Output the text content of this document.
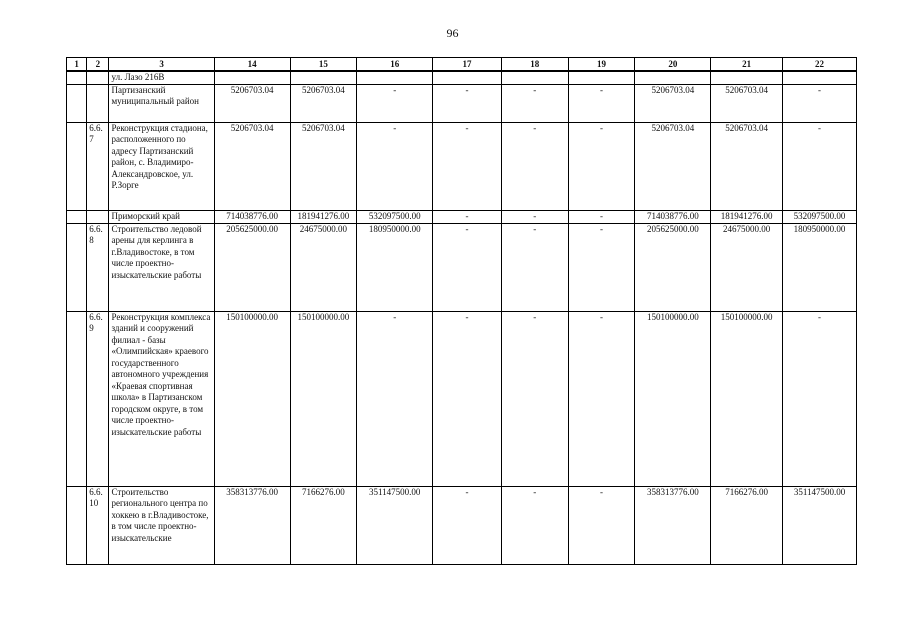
96
1	2	3	14	15	16	17	18	19	20	21	22
		ул. Лазо 216В									
		Партизанский муниципальный район	5206703.04	5206703.04	-	-	-	-	5206703.04	5206703.04	-
	6.6.7	Реконструкция стадиона, расположенного по адресу Партизанский район, с. Владимиро-Александровское, ул. Р.Зорге	5206703.04	5206703.04	-	-	-	-	5206703.04	5206703.04	-
		Приморский край	714038776.00	181941276.00	532097500.00	-	-	-	714038776.00	181941276.00	532097500.00
	6.6.8	Строительство ледовой арены для керлинга в г.Владивостоке, в том числе проектно-изыскательские работы	205625000.00	24675000.00	180950000.00	-	-	-	205625000.00	24675000.00	180950000.00
	6.6.9	Реконструкция комплекса зданий и сооружений филиал - базы «Олимпийская» краевого государственного автономного учреждения «Краевая спортивная школа» в Партизанском городском округе, в том числе проектно-изыскательские работы	150100000.00	150100000.00	-	-	-	-	150100000.00	150100000.00	-
	6.6.10	Строительство регионального центра по хоккею в г.Владивостоке, в том числе проектно-изыскательские	358313776.00	7166276.00	351147500.00	-	-	-	358313776.00	7166276.00	351147500.00
